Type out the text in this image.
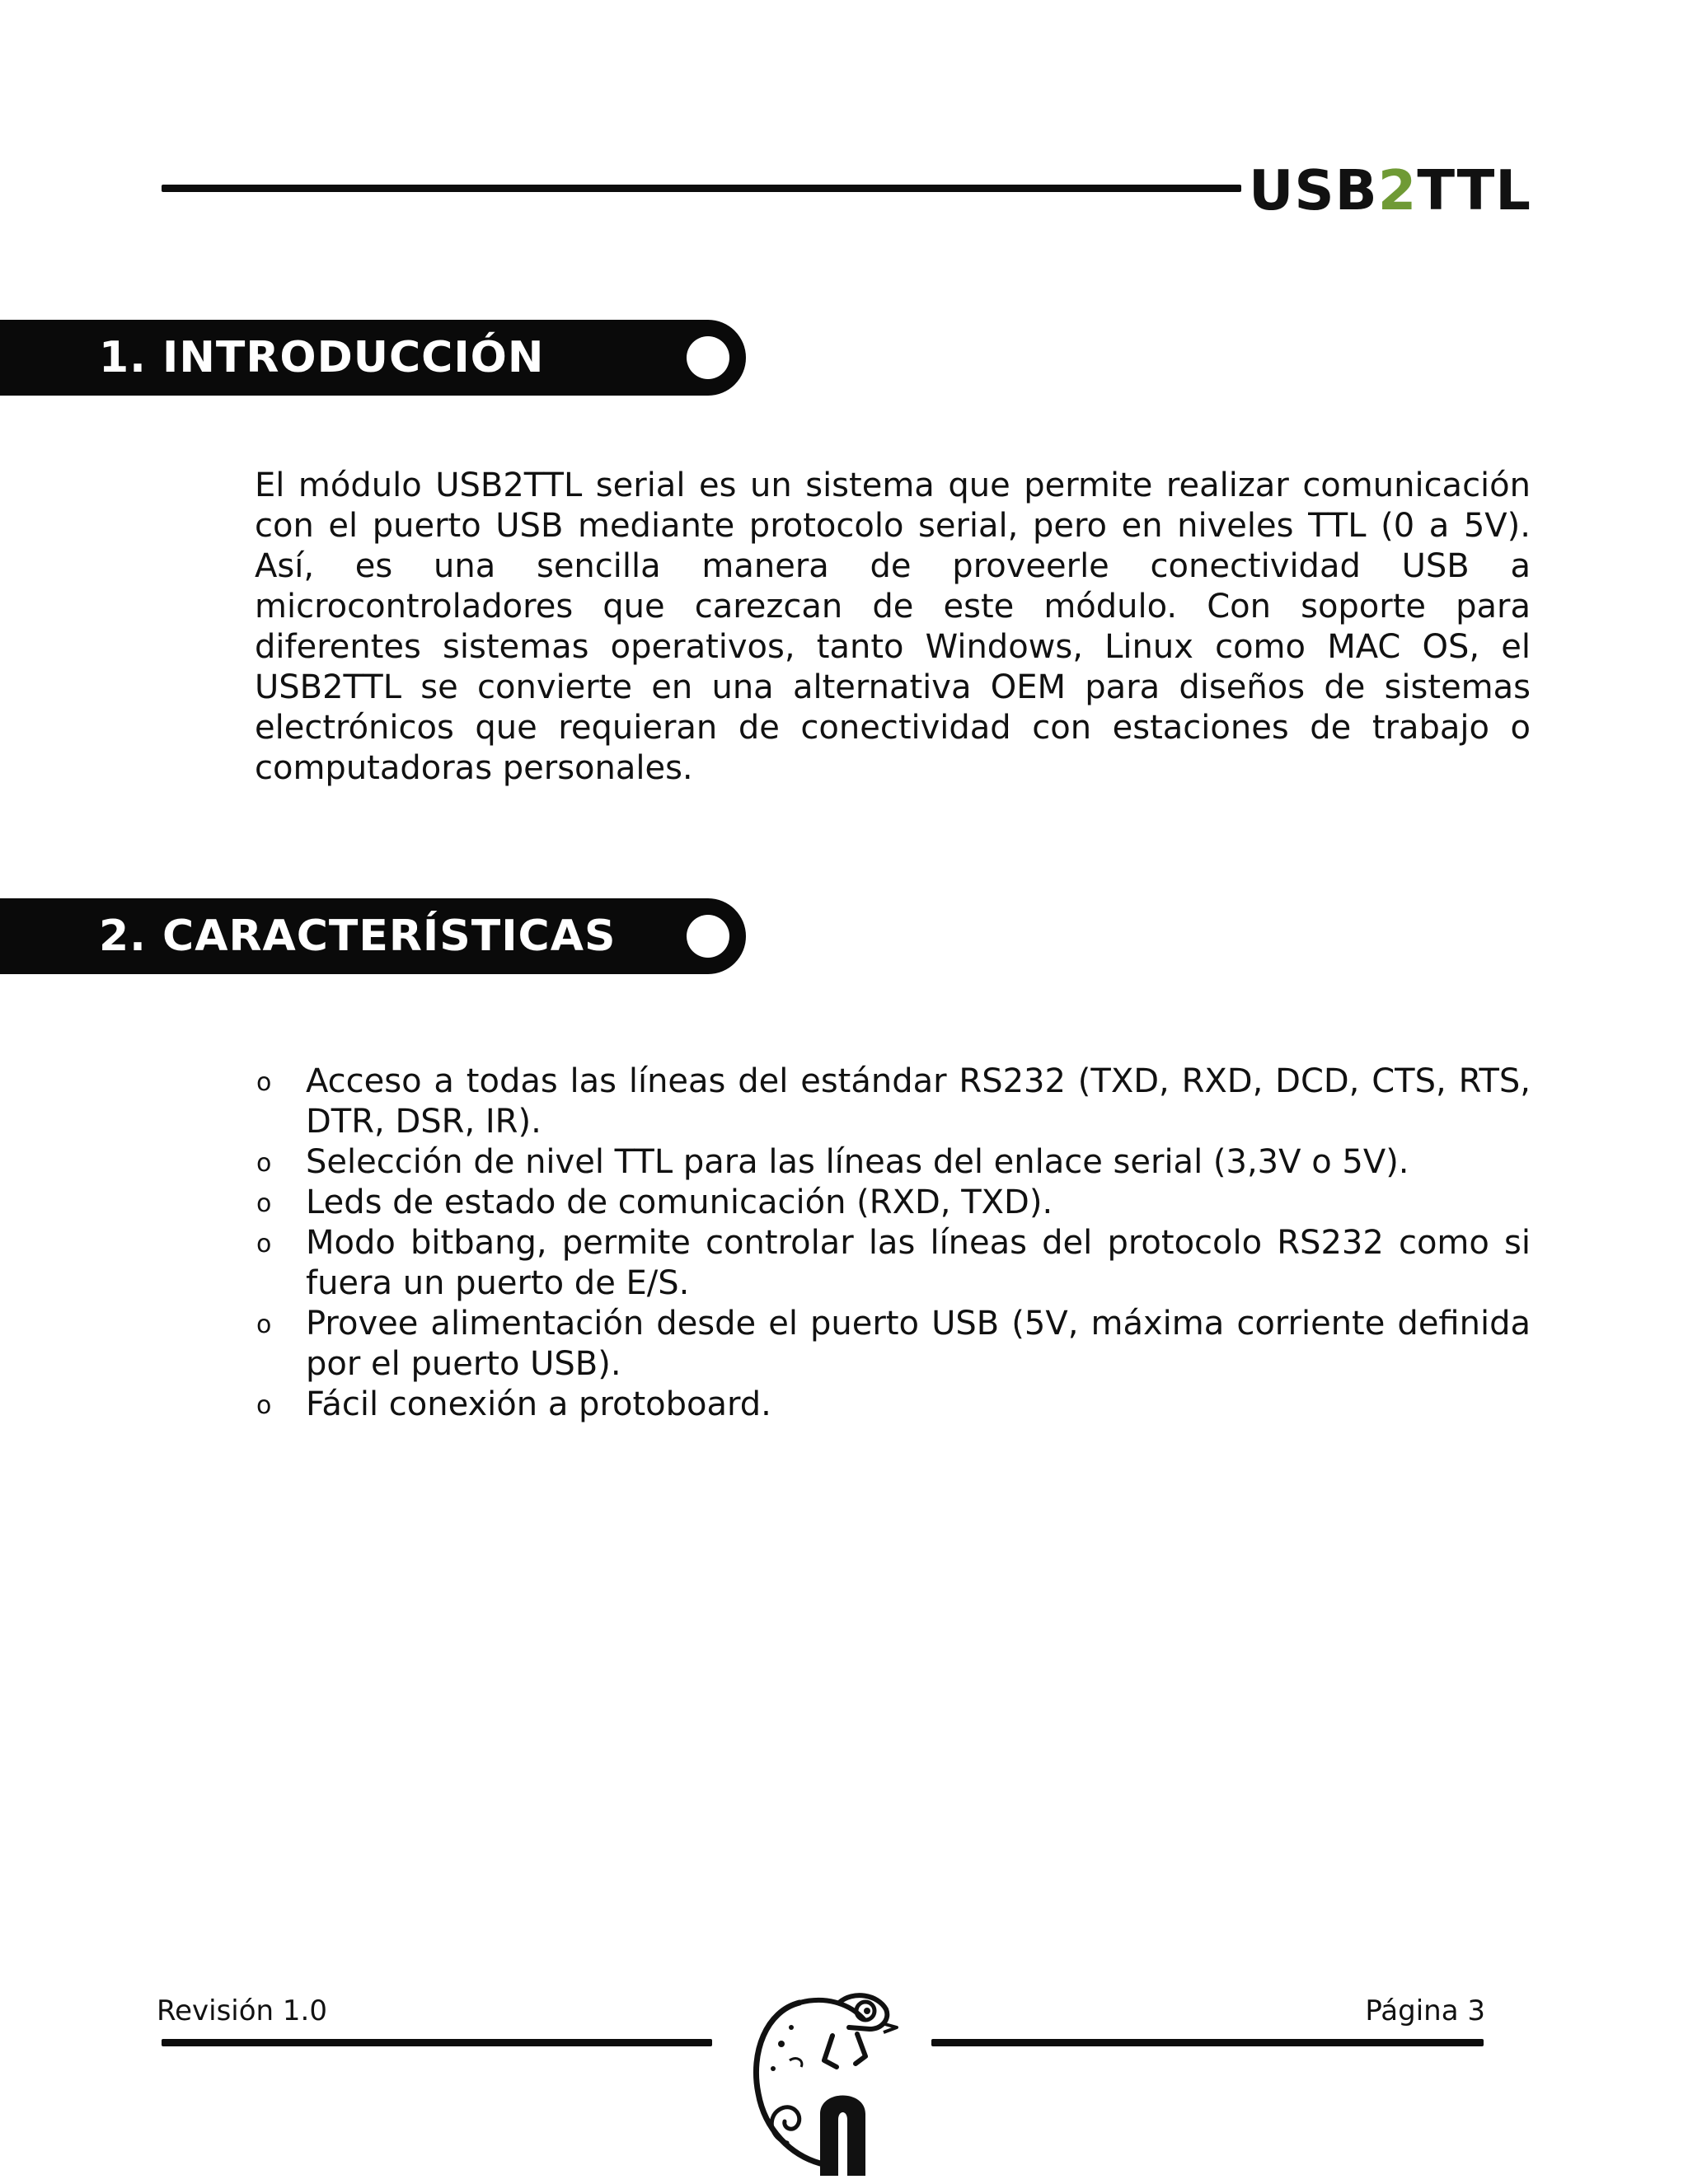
USB2TTL
1. INTRODUCCIÓN

El módulo USB2TTL serial es un sistema que permite realizar comunicación con el puerto USB mediante protocolo serial, pero en niveles TTL (0 a 5V). Así, es una sencilla manera de proveerle conectividad USB a microcontroladores que carezcan de este módulo. Con soporte para diferentes sistemas operativos, tanto Windows, Linux como MAC OS, el USB2TTL se convierte en una alternativa OEM para diseños de sistemas electrónicos que requieran de conectividad con estaciones de trabajo o computadoras personales.

2. CARACTERÍSTICAS
o Acceso a todas las líneas del estándar RS232 (TXD, RXD, DCD, CTS, RTS, DTR, DSR, IR).
o Selección de nivel TTL para las líneas del enlace serial (3,3V o 5V).
o Leds de estado de comunicación (RXD, TXD).
o Modo bitbang, permite controlar las líneas del protocolo RS232 como si fuera un puerto de E/S.
o Provee alimentación desde el puerto USB (5V, máxima corriente definida por el puerto USB).
o Fácil conexión a protoboard.
Revisión 1.0	Página 3
